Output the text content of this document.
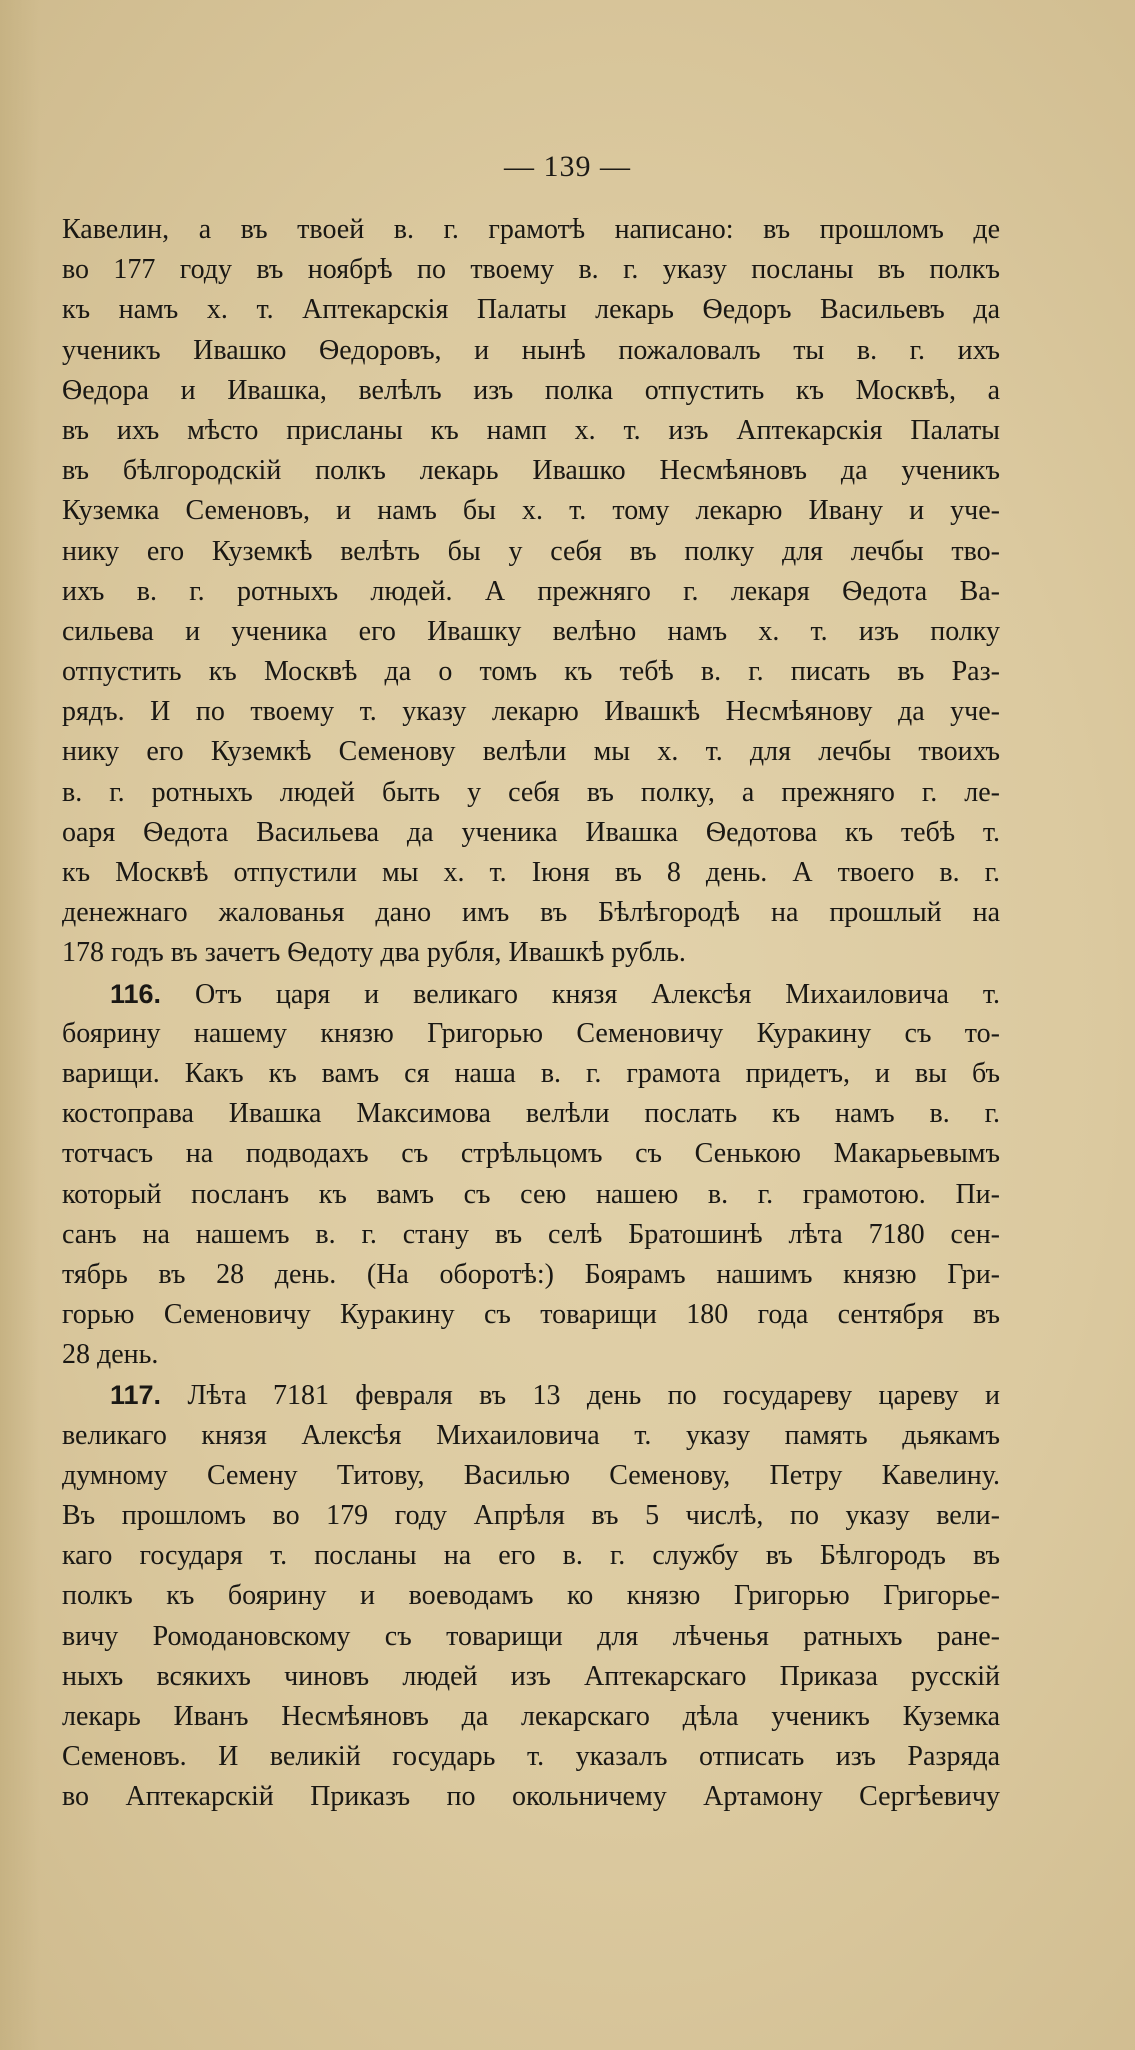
— 139 —
Кавелин, а въ твоей в. г. грамотѣ написано: въ прошломъ де
во 177 году въ ноябрѣ по твоему в. г. указу посланы въ полкъ
къ намъ х. т. Аптекарскія Палаты лекарь Ѳедоръ Васильевъ да
ученикъ Ивашко Ѳедоровъ, и нынѣ пожаловалъ ты в. г. ихъ
Ѳедора и Ивашка, велѣлъ изъ полка отпустить къ Москвѣ, а
въ ихъ мѣсто присланы къ намп х. т. изъ Аптекарскія Палаты
въ бѣлгородскій полкъ лекарь Ивашко Несмѣяновъ да ученикъ
Куземка Семеновъ, и намъ бы х. т. тому лекарю Ивану и уче-
нику его Куземкѣ велѣть бы у себя въ полку для лечбы тво-
ихъ в. г. ротныхъ людей. А прежняго г. лекаря Ѳедота Ва-
сильева и ученика его Ивашку велѣно намъ х. т. изъ полку
отпустить къ Москвѣ да о томъ къ тебѣ в. г. писать въ Раз-
рядъ. И по твоему т. указу лекарю Ивашкѣ Несмѣянову да уче-
нику его Куземкѣ Семенову велѣли мы х. т. для лечбы твоихъ
в. г. ротныхъ людей быть у себя въ полку, а прежняго г. ле-
оаря Ѳедота Васильева да ученика Ивашка Ѳедотова къ тебѣ т.
къ Москвѣ отпустили мы х. т. Іюня въ 8 день. А твоего в. г.
денежнаго жалованья дано имъ въ Бѣлѣгородѣ на прошлый на
178 годъ въ зачетъ Ѳедоту два рубля, Ивашкѣ рубль.
116. Отъ царя и великаго князя Алексѣя Михаиловича т.
боярину нашему князю Григорью Семеновичу Куракину съ то-
варищи. Какъ къ вамъ ся наша в. г. грамота придетъ, и вы бъ
костоправа Ивашка Максимова велѣли послать къ намъ в. г.
тотчасъ на подводахъ съ стрѣльцомъ съ Сенькою Макарьевымъ
который посланъ къ вамъ съ сею нашею в. г. грамотою. Пи-
санъ на нашемъ в. г. стану въ селѣ Братошинѣ лѣта 7180 сен-
тябрь въ 28 день. (На оборотѣ:) Боярамъ нашимъ князю Гри-
горью Семеновичу Куракину съ товарищи 180 года сентября въ
28 день.
117. Лѣта 7181 февраля въ 13 день по государеву цареву и
великаго князя Алексѣя Михаиловича т. указу память дьякамъ
думному Семену Титову, Василью Семенову, Петру Кавелину.
Въ прошломъ во 179 году Апрѣля въ 5 числѣ, по указу вели-
каго государя т. посланы на его в. г. службу въ Бѣлгородъ въ
полкъ къ боярину и воеводамъ ко князю Григорью Григорье-
вичу Ромодановскому съ товарищи для лѣченья ратныхъ ране-
ныхъ всякихъ чиновъ людей изъ Аптекарскаго Приказа русскій
лекарь Иванъ Несмѣяновъ да лекарскаго дѣла ученикъ Куземка
Семеновъ. И великій государь т. указалъ отписать изъ Разряда
во Аптекарскій Приказъ по окольничему Артамону Сергѣевичу
